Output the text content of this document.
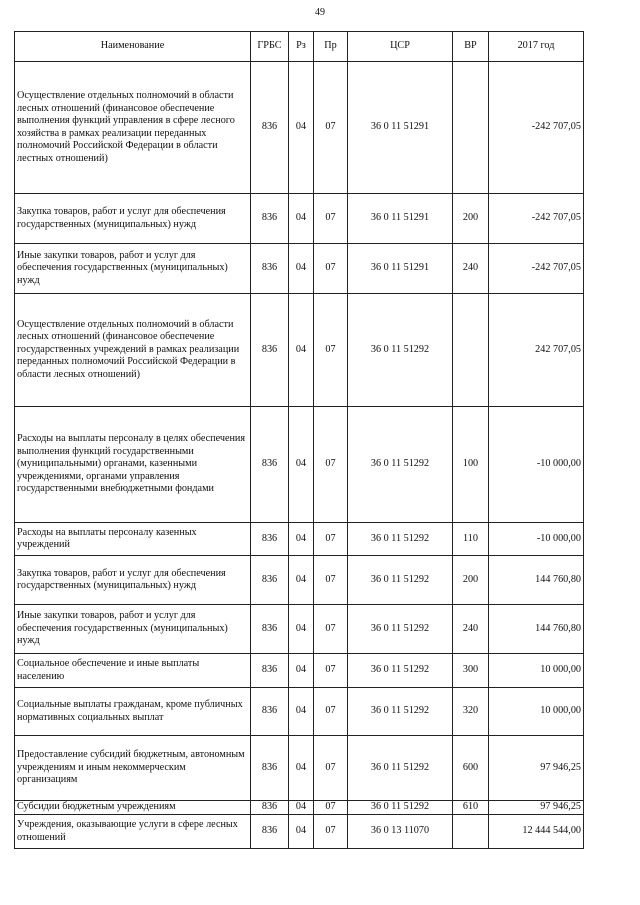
49
Наименование	ГРБС	Рз	Пр	ЦСР	ВР	2017 год
Осуществление отдельных полномочий в области лесных отношений (финансовое обеспечение выполнения функций управления в сфере лесного хозяйства в рамках реализации переданных полномочий Российской Федерации в области лестных отношений)	836	04	07	36 0 11 51291		-242 707,05
Закупка товаров, работ и услуг для обеспечения государственных (муниципальных) нужд	836	04	07	36 0 11 51291	200	-242 707,05
Иные закупки товаров, работ и услуг для обеспечения государственных (муниципальных) нужд	836	04	07	36 0 11 51291	240	-242 707,05
Осуществление отдельных полномочий в области лесных отношений (финансовое обеспечение государственных учреждений в рамках реализации переданных полномочий Российской Федерации в области лесных отношений)	836	04	07	36 0 11 51292		242 707,05
Расходы на выплаты персоналу в целях обеспечения выполнения функций государственными (муниципальными) органами, казенными учреждениями, органами управления государственными внебюджетными фондами	836	04	07	36 0 11 51292	100	-10 000,00
Расходы на выплаты персоналу казенных учреждений	836	04	07	36 0 11 51292	110	-10 000,00
Закупка товаров, работ и услуг для обеспечения государственных (муниципальных) нужд	836	04	07	36 0 11 51292	200	144 760,80
Иные закупки товаров, работ и услуг для обеспечения государственных (муниципальных) нужд	836	04	07	36 0 11 51292	240	144 760,80
Социальное обеспечение и иные выплаты населению	836	04	07	36 0 11 51292	300	10 000,00
Социальные выплаты гражданам, кроме публичных нормативных социальных выплат	836	04	07	36 0 11 51292	320	10 000,00
Предоставление субсидий бюджетным, автономным учреждениям и иным некоммерческим организациям	836	04	07	36 0 11 51292	600	97 946,25
Субсидии бюджетным учреждениям	836	04	07	36 0 11 51292	610	97 946,25
Учреждения, оказывающие услуги в сфере лесных отношений	836	04	07	36 0 13 11070		12 444 544,00
